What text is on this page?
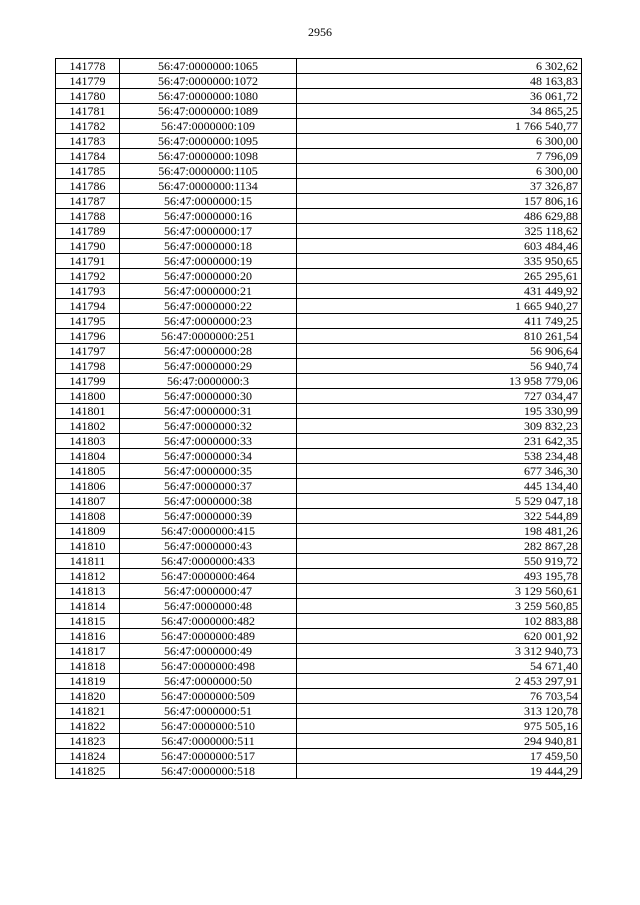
2956
141778	56:47:0000000:1065	6 302,62
141779	56:47:0000000:1072	48 163,83
141780	56:47:0000000:1080	36 061,72
141781	56:47:0000000:1089	34 865,25
141782	56:47:0000000:109	1 766 540,77
141783	56:47:0000000:1095	6 300,00
141784	56:47:0000000:1098	7 796,09
141785	56:47:0000000:1105	6 300,00
141786	56:47:0000000:1134	37 326,87
141787	56:47:0000000:15	157 806,16
141788	56:47:0000000:16	486 629,88
141789	56:47:0000000:17	325 118,62
141790	56:47:0000000:18	603 484,46
141791	56:47:0000000:19	335 950,65
141792	56:47:0000000:20	265 295,61
141793	56:47:0000000:21	431 449,92
141794	56:47:0000000:22	1 665 940,27
141795	56:47:0000000:23	411 749,25
141796	56:47:0000000:251	810 261,54
141797	56:47:0000000:28	56 906,64
141798	56:47:0000000:29	56 940,74
141799	56:47:0000000:3	13 958 779,06
141800	56:47:0000000:30	727 034,47
141801	56:47:0000000:31	195 330,99
141802	56:47:0000000:32	309 832,23
141803	56:47:0000000:33	231 642,35
141804	56:47:0000000:34	538 234,48
141805	56:47:0000000:35	677 346,30
141806	56:47:0000000:37	445 134,40
141807	56:47:0000000:38	5 529 047,18
141808	56:47:0000000:39	322 544,89
141809	56:47:0000000:415	198 481,26
141810	56:47:0000000:43	282 867,28
141811	56:47:0000000:433	550 919,72
141812	56:47:0000000:464	493 195,78
141813	56:47:0000000:47	3 129 560,61
141814	56:47:0000000:48	3 259 560,85
141815	56:47:0000000:482	102 883,88
141816	56:47:0000000:489	620 001,92
141817	56:47:0000000:49	3 312 940,73
141818	56:47:0000000:498	54 671,40
141819	56:47:0000000:50	2 453 297,91
141820	56:47:0000000:509	76 703,54
141821	56:47:0000000:51	313 120,78
141822	56:47:0000000:510	975 505,16
141823	56:47:0000000:511	294 940,81
141824	56:47:0000000:517	17 459,50
141825	56:47:0000000:518	19 444,29
